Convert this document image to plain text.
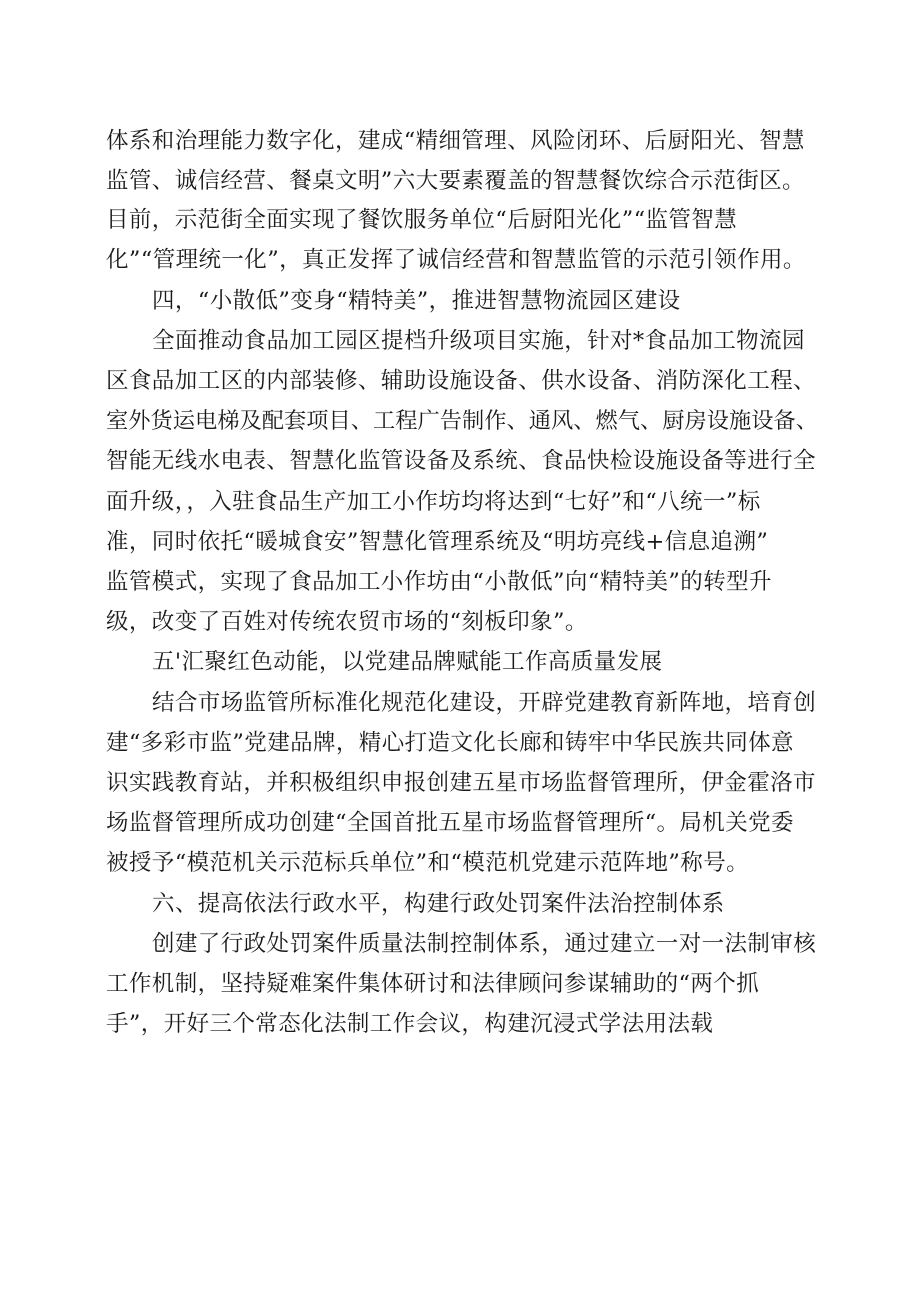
体系和治理能力数字化，建成“精细管理、风险闭环、后厨阳光、智慧
监管、诚信经营、餐桌文明”六大要素覆盖的智慧餐饮综合示范街区。
目前，示范街全面实现了餐饮服务单位“后厨阳光化”“监管智慧
化”“管理统一化”，真正发挥了诚信经营和智慧监管的示范引领作用。
四，“小散低”变身“精特美”，推进智慧物流园区建设
全面推动食品加工园区提档升级项目实施，针对*食品加工物流园
区食品加工区的内部装修、辅助设施设备、供水设备、消防深化工程、
室外货运电梯及配套项目、工程广告制作、通风、燃气、厨房设施设备、
智能无线水电表、智慧化监管设备及系统、食品快检设施设备等进行全
面升级，，入驻食品生产加工小作坊均将达到“七好”和“八统一”标
准，同时依托“暖城食安”智慧化管理系统及“明坊亮线+信息追溯”
监管模式，实现了食品加工小作坊由“小散低”向“精特美”的转型升
级，改变了百姓对传统农贸市场的“刻板印象”。
五'汇聚红色动能，以党建品牌赋能工作高质量发展
结合市场监管所标准化规范化建设，开辟党建教育新阵地，培育创
建“多彩市监”党建品牌，精心打造文化长廊和铸牢中华民族共同体意
识实践教育站，并积极组织申报创建五星市场监督管理所，伊金霍洛市
场监督管理所成功创建“全国首批五星市场监督管理所“。局机关党委
被授予“模范机关示范标兵单位”和“模范机党建示范阵地”称号。
六、提高依法行政水平，构建行政处罚案件法治控制体系
创建了行政处罚案件质量法制控制体系，通过建立一对一法制审核
工作机制，坚持疑难案件集体研讨和法律顾问参谋辅助的“两个抓
手”，开好三个常态化法制工作会议，构建沉浸式学法用法载
